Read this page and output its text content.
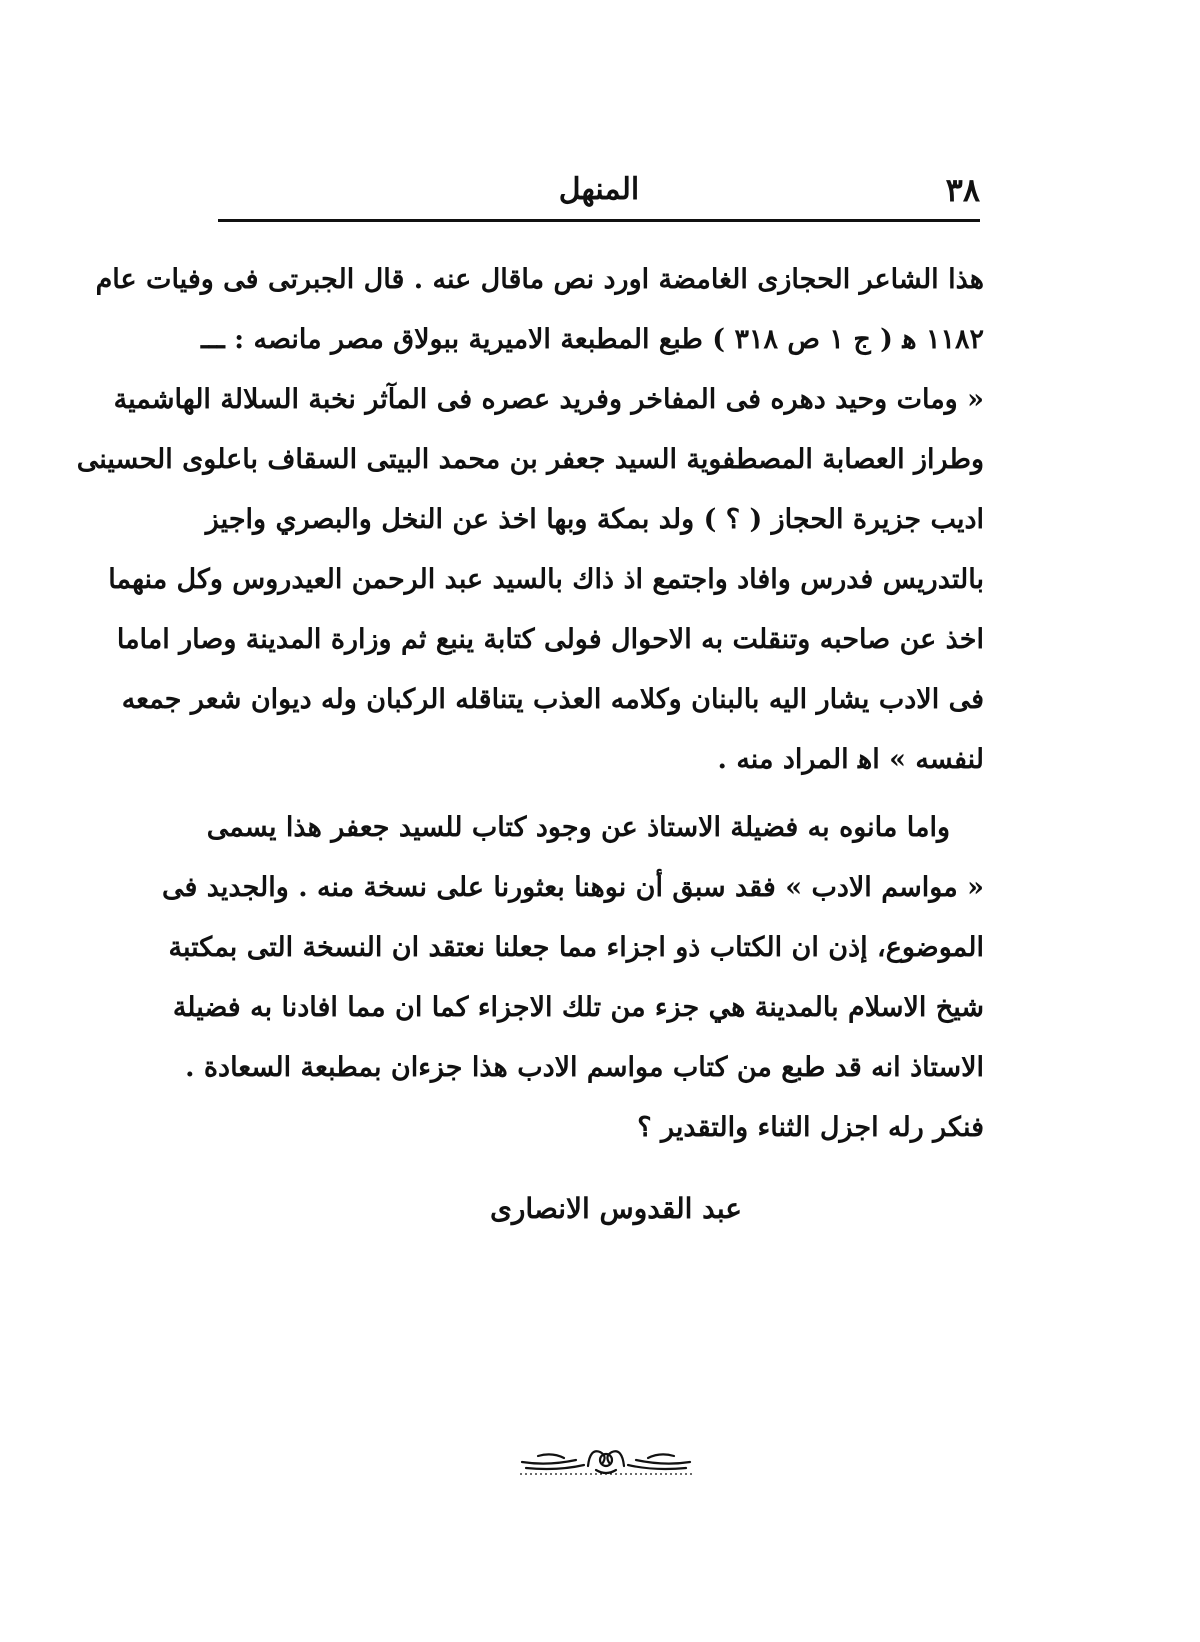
٣٨
المنهل
هذا الشاعر الحجازى الغامضة اورد نص ماقال عنه . قال الجبرتى فى وفيات عام
١١٨٢ ﻫ ( ج ١ ص ٣١٨ ) طبع المطبعة الاميرية ببولاق مصر مانصه : ـــ
« ومات وحيد دهره فى المفاخر وفريد عصره فى المآثر نخبة السلالة الهاشمية
وطراز العصابة المصطفوية السيد جعفر بن محمد البيتى السقاف باعلوى الحسينى
اديب جزيرة الحجاز ( ؟ ) ولد بمكة وبها اخذ عن النخل والبصري واجيز
بالتدريس فدرس وافاد واجتمع اذ ذاك بالسيد عبد الرحمن العيدروس وكل منهما
اخذ عن صاحبه وتنقلت به الاحوال فولى كتابة ينبع ثم وزارة المدينة وصار اماما
فى الادب يشار اليه بالبنان وكلامه العذب يتناقله الركبان وله ديوان شعر جمعه
لنفسه » اﻫ المراد منه .
واما مانوه به فضيلة الاستاذ عن وجود كتاب للسيد جعفر هذا يسمى
« مواسم الادب » فقد سبق أن نوهنا بعثورنا على نسخة منه . والجديد فى
الموضوع، إذن ان الكتاب ذو اجزاء مما جعلنا نعتقد ان النسخة التى بمكتبة
شيخ الاسلام بالمدينة هي جزء من تلك الاجزاء كما ان مما افادنا به فضيلة
الاستاذ انه قد طبع من كتاب مواسم الادب هذا جزءان بمطبعة السعادة .
فنكر رله اجزل الثناء والتقدير ؟
عبد القدوس الانصارى
